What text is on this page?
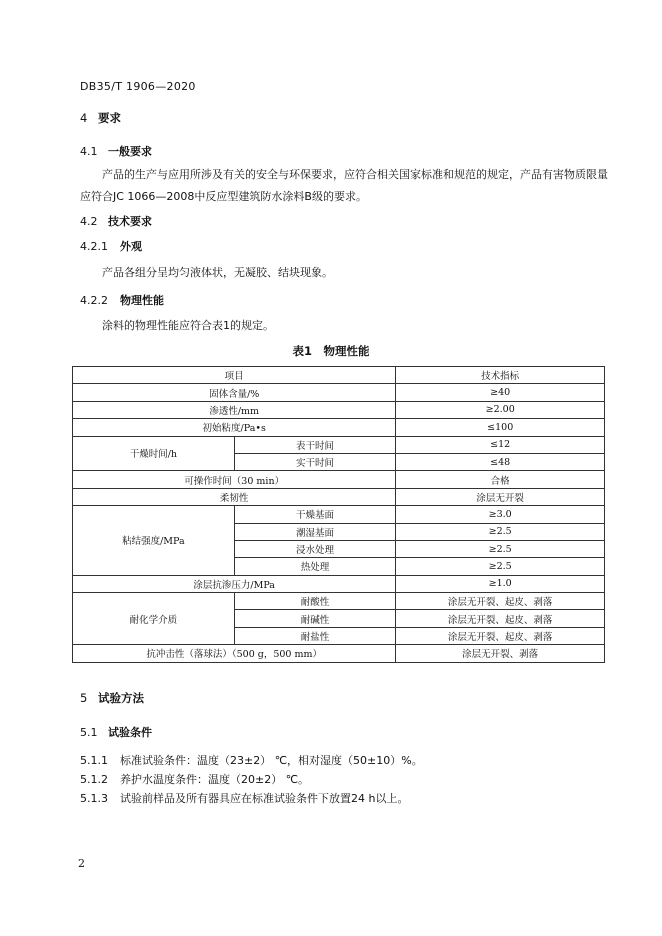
DB35/T 1906—2020
4 要求
4.1 一般要求
产品的生产与应用所涉及有关的安全与环保要求，应符合相关国家标准和规范的规定，产品有害物质限量应符合JC 1066—2008中反应型建筑防水涂料B级的要求。
4.2 技术要求
4.2.1 外观
产品各组分呈均匀液体状，无凝胶、结块现象。
4.2.2 物理性能
涂料的物理性能应符合表1的规定。
表1　物理性能
项目		技术指标
固体含量/%		≥40
渗透性/mm		≥2.00
初始粘度/Pa•s		≤100
干燥时间/h	表干时间	≤12
	实干时间	≤48
可操作时间（30 min）		合格
柔韧性		涂层无开裂
粘结强度/MPa	干燥基面	≥3.0
	潮湿基面	≥2.5
	浸水处理	≥2.5
	热处理	≥2.5
涂层抗渗压力/MPa		≥1.0
耐化学介质	耐酸性	涂层无开裂、起皮、剥落
	耐碱性	涂层无开裂、起皮、剥落
	耐盐性	涂层无开裂、起皮、剥落
抗冲击性（落球法）（500 g，500 mm）		涂层无开裂、剥落
5 试验方法
5.1 试验条件
5.1.1 标准试验条件：温度（23±2） ℃，相对湿度（50±10）%。
5.1.2 养护水温度条件：温度（20±2） ℃。
5.1.3 试验前样品及所有器具应在标准试验条件下放置24 h以上。
2
